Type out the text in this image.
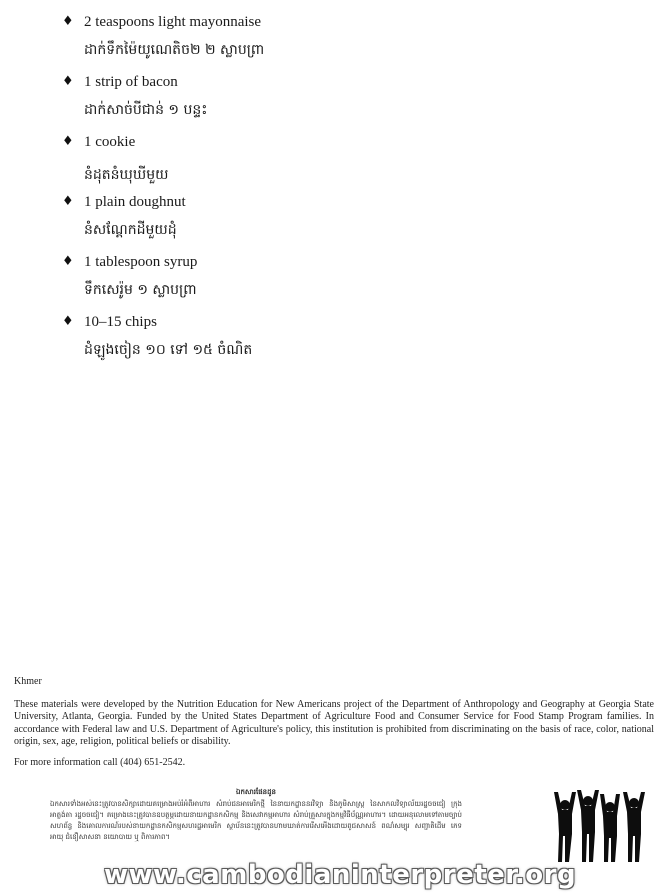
♦ 2 teaspoons light mayonnaise
ដាក់ទឹកម៉ៃយូណេតិច២ ២ ស្លាបព្រា
♦ 1 strip of bacon
ដាក់សាច់បីជាន់ ១ បន្ទះ
♦ 1 cookie
នំដុតនំឃុឃីមួយ
♦ 1 plain doughnut
នំសណ្ដែកដីមួយដុំ
♦ 1 tablespoon syrup
ទឹកសេរ៉ូម ១ ស្លាបព្រា
♦ 10–15 chips
ដំឡូងចៀន ១០ ទៅ ១៥ ចំណិត

Khmer

These materials were developed by the Nutrition Education for New Americans project of the Department of Anthropology and Geography at Georgia State University, Atlanta, Georgia. Funded by the United States Department of Agriculture Food and Consumer Service for Food Stamp Program families. In accordance with Federal law and U.S. Department of Agriculture's policy, this institution is prohibited from discriminating on the basis of race, color, national origin, sex, age, religion, political beliefs or disability.

For more information call (404) 651-2542.

ឯកសារផែនដូន
ឯកសារទាំងអស់នេះត្រូវបានសិក្សាដោយគម្រោងអប់រំអំពីអាហារ សំរាប់ជនអាមេរិកថ្មី នៃនាយកដ្ឋាននរវិទ្យា និងភូមិសាស្ត្រ នៃសាកលវិទ្យាល័យរដ្ឋចចជៀ ក្រុងអាត្លង់តា រដ្ឋចចជៀ។ គម្រោងនេះត្រូវបានឧបត្ថម្ភដោយនាយកដ្ឋានកសិកម្ម និងសេវាកម្មអាហារ សំរាប់គ្រួសារក្នុងកម្មវិធីប័ណ្ណអាហារ។ ដោយអនុលោមទៅតាមច្បាប់សហព័ន្ធ និងគោលការណ៍របស់នាយកដ្ឋានកសិកម្មសហរដ្ឋអាមេរិក ស្ថាប័ននេះត្រូវបានហាមឃាត់ការរើសអើងដោយពូជសាសន៍ ពណ៌សម្បុរ សញ្ជាតិដើម ភេទ អាយុ ជំនឿសាសនា នយោបាយ ឬ ពិការភាព។
www.cambodianinterpreter.org
